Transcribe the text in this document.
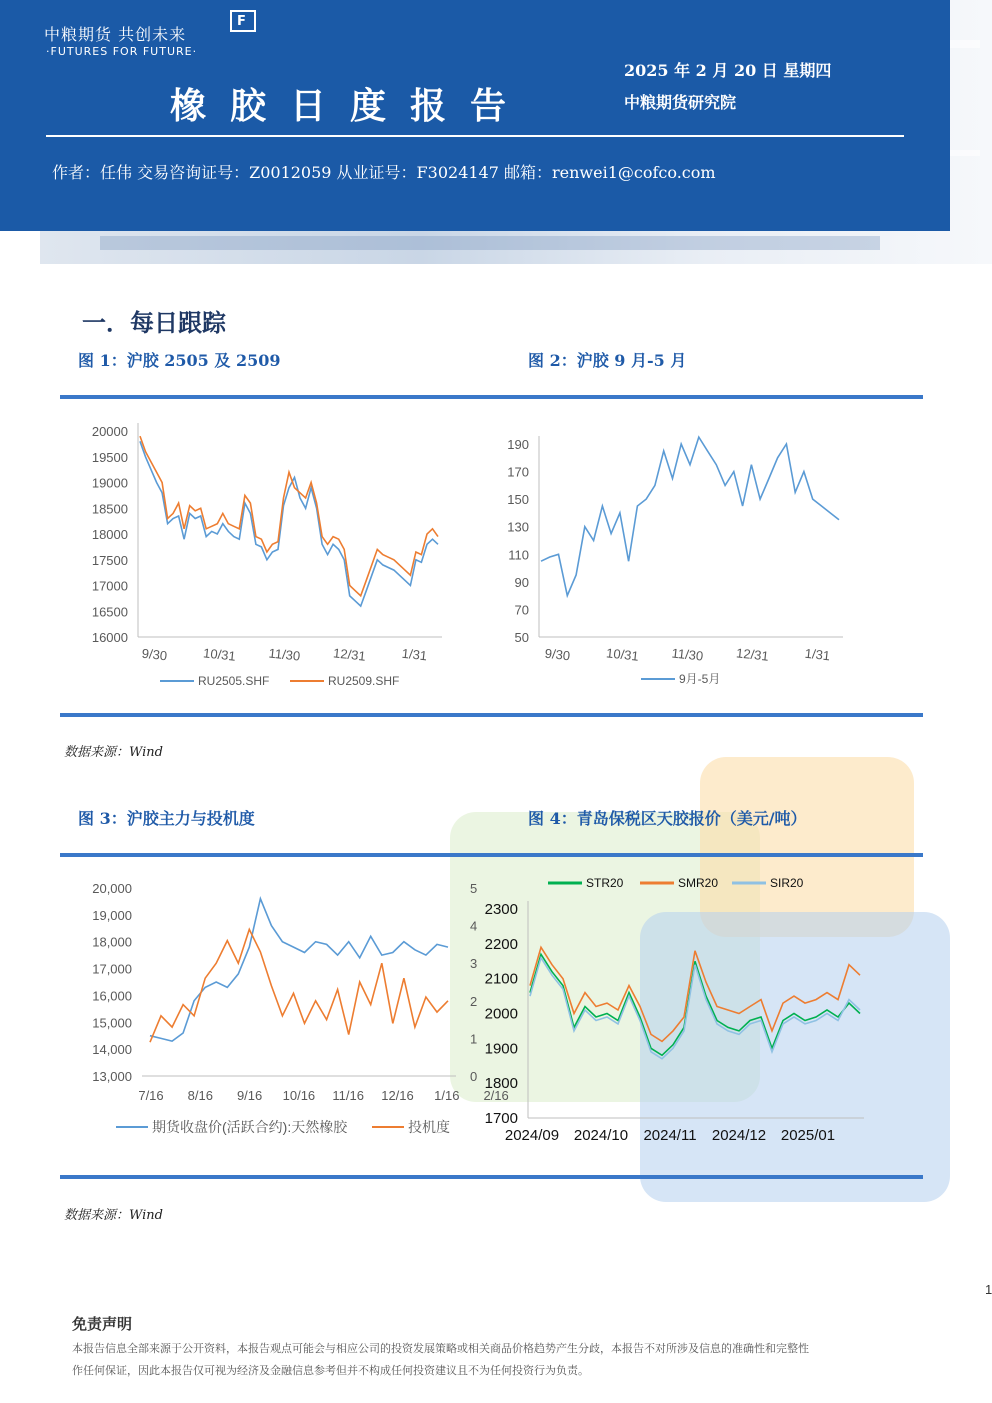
中粮期货 共创未来
·FUTURES FOR FUTURE·
F
橡胶日度报告
2025 年 2 月 20 日 星期四
中粮期货研究院
作者：任伟 交易咨询证号：Z0012059 从业证号：F3024147 邮箱：renwei1@cofco.com
一．每日跟踪
图 1：沪胶 2505 及 2509	图 2：沪胶 9 月-5 月
20000
19500
19000
18500
18000
17500
17000
16500
16000
9/30	10/31 11/30 12/31	1/31
RU2505.SHF	RU2509.SHF
190
170
150
130
110
90
70
50
9/30	10/31 11/30 12/31	1/31
9月-5月
数据来源：Wind
图 3：沪胶主力与投机度	图 4：青岛保税区天胶报价（美元/吨）
20,000
19,000
18,000
17,000
16,000
15,000
14,000
13,000
5
4
3
2
1
0
7/16 8/16 9/16 10/16 11/16 12/16 1/16 2/16
期货收盘价(活跃合约):天然橡胶	投机度
2300
2200
2100
2000
1900
1800
1700
2024/09 2024/10 2024/11 2024/12 2025/01
STR20	SMR20	SIR20
数据来源：Wind
1
免责声明
本报告信息全部来源于公开资料，本报告观点可能会与相应公司的投资发展策略或相关商品价格趋势产生分歧，本报告不对所涉及信息的准确性和完整性
作任何保证，因此本报告仅可视为经济及金融信息参考但并不构成任何投资建议且不为任何投资行为负责。
